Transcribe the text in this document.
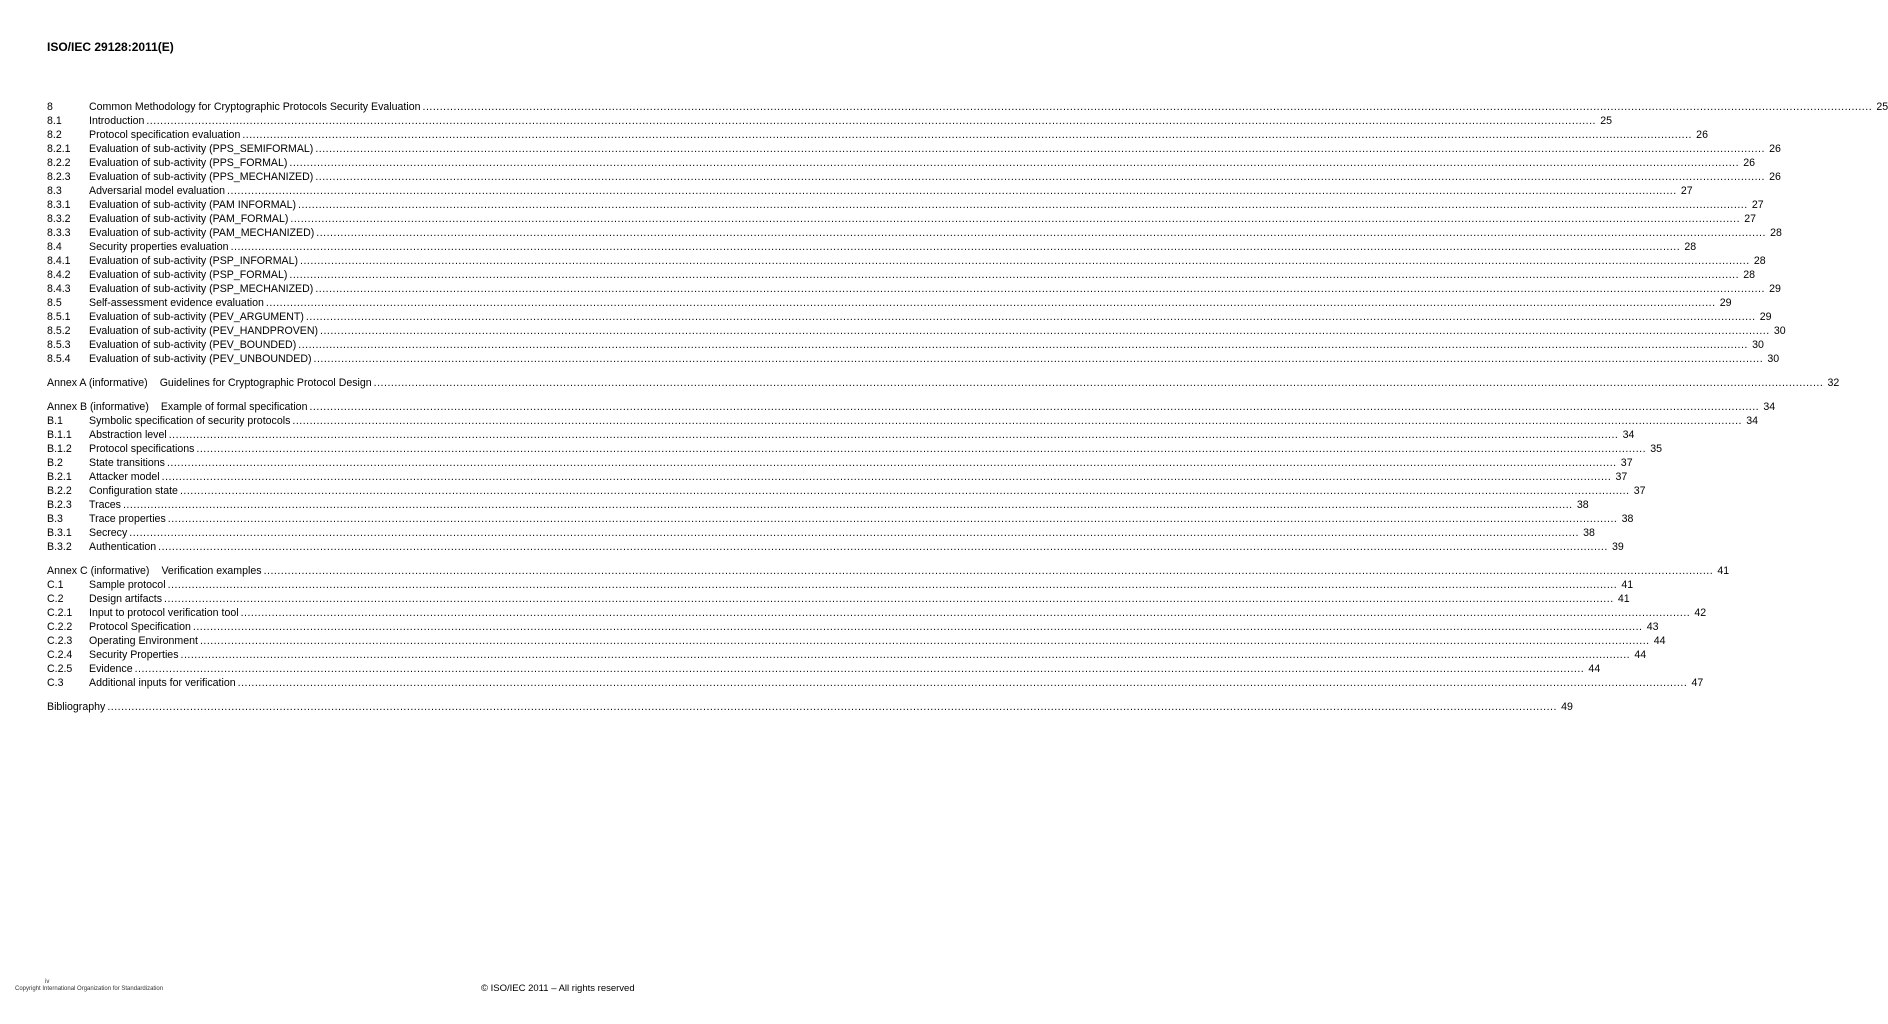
ISO/IEC 29128:2011(E)
8	Common Methodology for Cryptographic Protocols Security Evaluation .....	25
8.1	Introduction .....	25
8.2	Protocol specification evaluation .....	26
8.2.1	Evaluation of sub-activity (PPS_SEMIFORMAL) .....	26
8.2.2	Evaluation of sub-activity (PPS_FORMAL) .....	26
8.2.3	Evaluation of sub-activity (PPS_MECHANIZED) .....	26
8.3	Adversarial model evaluation .....	27
8.3.1	Evaluation of sub-activity (PAM INFORMAL) .....	27
8.3.2	Evaluation of sub-activity (PAM_FORMAL) .....	27
8.3.3	Evaluation of sub-activity (PAM_MECHANIZED) .....	28
8.4	Security properties evaluation .....	28
8.4.1	Evaluation of sub-activity (PSP_INFORMAL) .....	28
8.4.2	Evaluation of sub-activity (PSP_FORMAL) .....	28
8.4.3	Evaluation of sub-activity (PSP_MECHANIZED) .....	29
8.5	Self-assessment evidence evaluation .....	29
8.5.1	Evaluation of sub-activity (PEV_ARGUMENT) .....	29
8.5.2	Evaluation of sub-activity (PEV_HANDPROVEN) .....	30
8.5.3	Evaluation of sub-activity (PEV_BOUNDED) .....	30
8.5.4	Evaluation of sub-activity (PEV_UNBOUNDED) .....	30
Annex A (informative) Guidelines for Cryptographic Protocol Design .....	32
Annex B (informative) Example of formal specification .....	34
B.1	Symbolic specification of security protocols .....	34
B.1.1	Abstraction level .....	34
B.1.2	Protocol specifications .....	35
B.2	State transitions .....	37
B.2.1	Attacker model .....	37
B.2.2	Configuration state .....	37
B.2.3	Traces .....	38
B.3	Trace properties .....	38
B.3.1	Secrecy .....	38
B.3.2	Authentication .....	39
Annex C (informative) Verification examples .....	41
C.1	Sample protocol .....	41
C.2	Design artifacts .....	41
C.2.1	Input to protocol verification tool .....	42
C.2.2	Protocol Specification .....	43
C.2.3	Operating Environment .....	44
C.2.4	Security Properties .....	44
C.2.5	Evidence .....	44
C.3	Additional inputs for verification .....	47
Bibliography .....	49
iv
Copyright International Organization for Standardization	© ISO/IEC 2011 – All rights reserved
